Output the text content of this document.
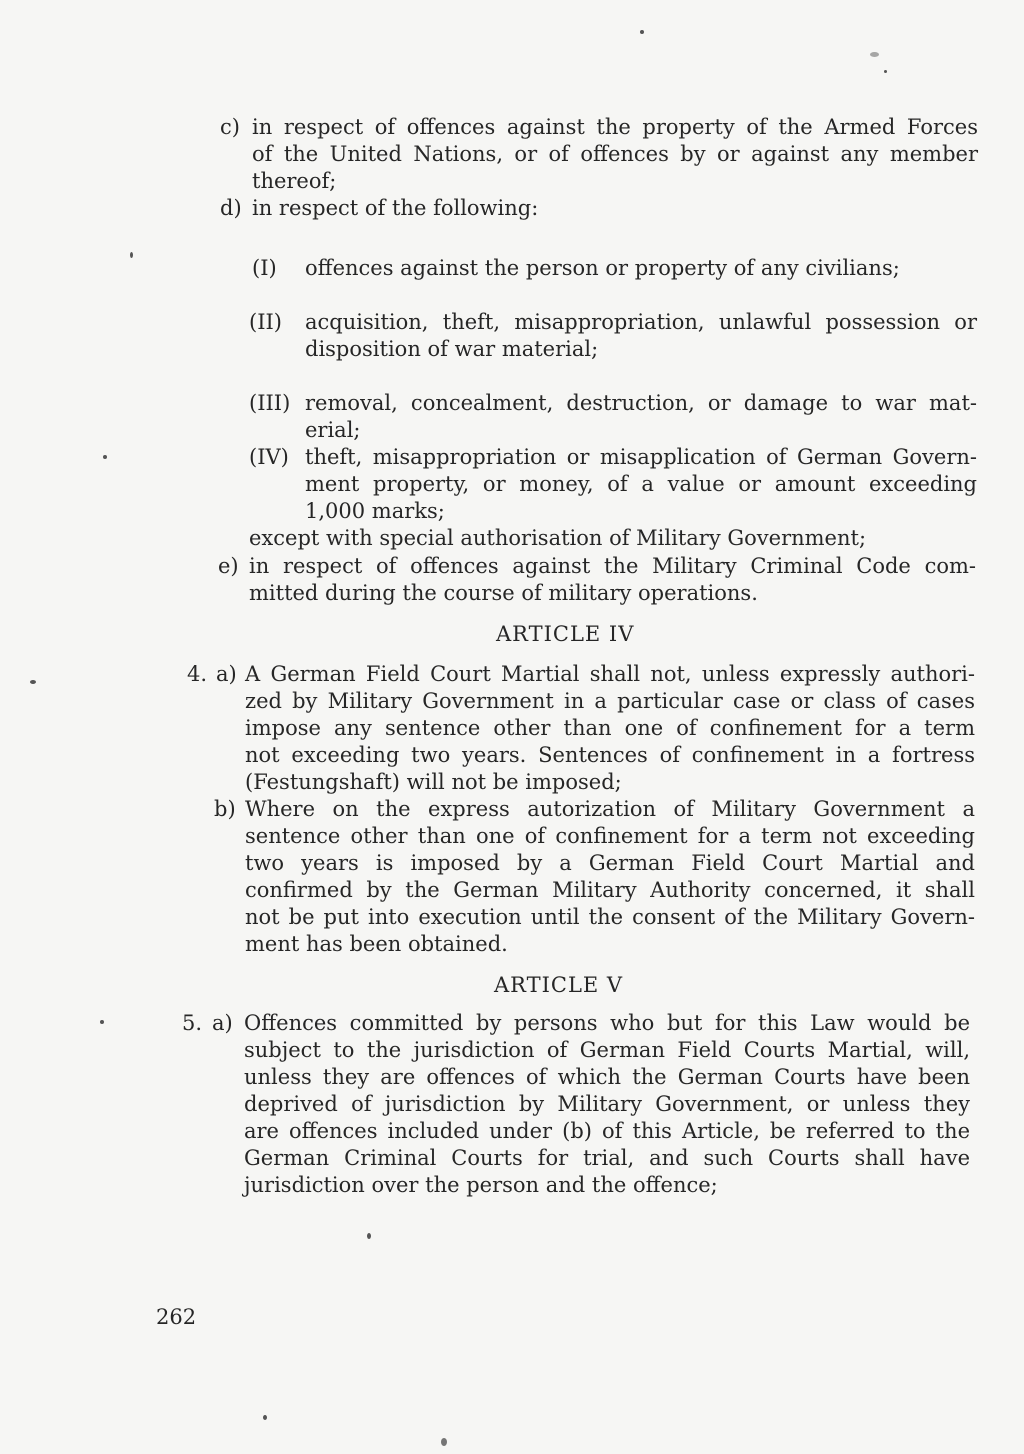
c) in respect of offences against the property of the Armed Forces
of the United Nations, or of offences by or against any member
thereof;
d) in respect of the following:
(I) offences against the person or property of any civilians;
(II) acquisition, theft, misappropriation, unlawful possession or
disposition of war material;
(III) removal, concealment, destruction, or damage to war mat-
erial;
(IV) theft, misappropriation or misapplication of German Govern-
ment property, or money, of a value or amount exceeding
1,000 marks;
except with special authorisation of Military Government;
e) in respect of offences against the Military Criminal Code com-
mitted during the course of military operations.
ARTICLE IV
4. a) A German Field Court Martial shall not, unless expressly authori-
zed by Military Government in a particular case or class of cases
impose any sentence other than one of confinement for a term
not exceeding two years. Sentences of confinement in a fortress
(Festungshaft) will not be imposed;
b) Where on the express autorization of Military Government a
sentence other than one of confinement for a term not exceeding
two years is imposed by a German Field Court Martial and
confirmed by the German Military Authority concerned, it shall
not be put into execution until the consent of the Military Govern-
ment has been obtained.
ARTICLE V
5. a) Offences committed by persons who but for this Law would be
subject to the jurisdiction of German Field Courts Martial, will,
unless they are offences of which the German Courts have been
deprived of jurisdiction by Military Government, or unless they
are offences included under (b) of this Article, be referred to the
German Criminal Courts for trial, and such Courts shall have
jurisdiction over the person and the offence;
262
